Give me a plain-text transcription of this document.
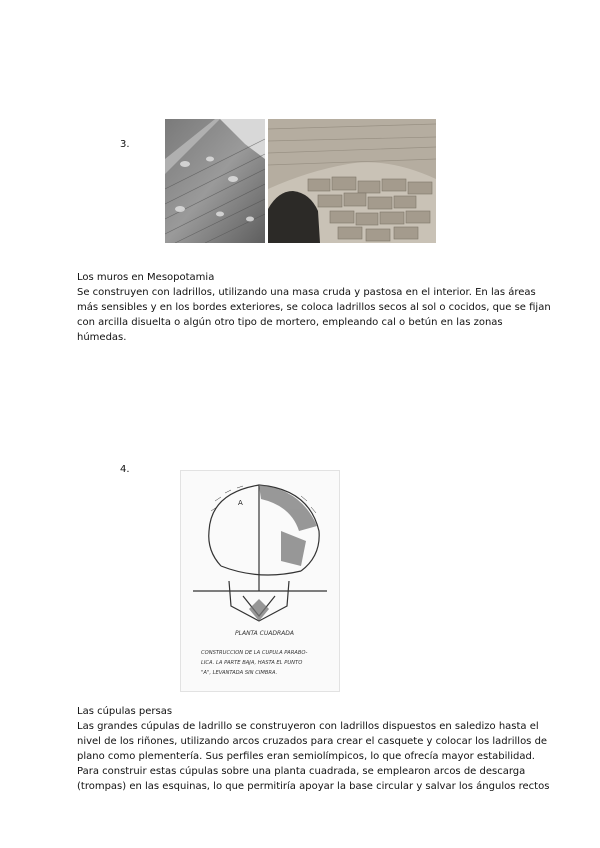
3.

Los muros en Mesopotamia

Se construyen con ladrillos, utilizando una masa cruda y pastosa en el interior. En las áreas

más sensibles y en los bordes exteriores, se coloca ladrillos secos al sol o cocidos, que se fijan

con arcilla disuelta o algún otro tipo de mortero, empleando cal o betún en las zonas

húmedas.

4.
A
PLANTA CUADRADA
CONSTRUCCION DE LA CUPULA PARABO-
LICA. LA PARTE BAJA, HASTA EL PUNTO
"A", LEVANTADA SIN CIMBRA.

Las cúpulas persas

Las grandes cúpulas de ladrillo se construyeron con ladrillos dispuestos en saledizo hasta el

nivel de los riñones, utilizando arcos cruzados para crear el casquete y colocar los ladrillos de

plano como plementería. Sus perfiles eran semiolímpicos, lo que ofrecía mayor estabilidad.

Para construir estas cúpulas sobre una planta cuadrada, se emplearon arcos de descarga

(trompas) en las esquinas, lo que permitiría apoyar la base circular y salvar los ángulos rectos
